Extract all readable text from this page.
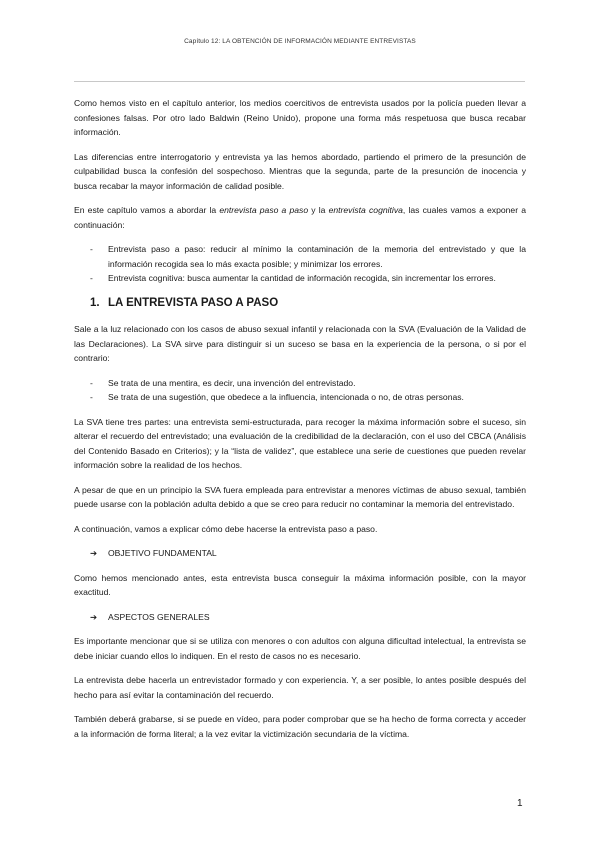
Capítulo 12: LA OBTENCIÓN DE INFORMACIÓN MEDIANTE ENTREVISTAS

Como hemos visto en el capítulo anterior, los medios coercitivos de entrevista usados por la policía pueden llevar a confesiones falsas. Por otro lado Baldwin (Reino Unido), propone una forma más respetuosa que busca recabar información.

Las diferencias entre interrogatorio y entrevista ya las hemos abordado, partiendo el primero de la presunción de culpabilidad busca la confesión del sospechoso. Mientras que la segunda, parte de la presunción de inocencia y busca recabar la mayor información de calidad posible.

En este capítulo vamos a abordar la entrevista paso a paso y la entrevista cognitiva, las cuales vamos a exponer a continuación:

- Entrevista paso a paso: reducir al mínimo la contaminación de la memoria del entrevistado y que la información recogida sea lo más exacta posible; y minimizar los errores.
- Entrevista cognitiva: busca aumentar la cantidad de información recogida, sin incrementar los errores.
1. LA ENTREVISTA PASO A PASO

Sale a la luz relacionado con los casos de abuso sexual infantil y relacionada con la SVA (Evaluación de la Validad de las Declaraciones). La SVA sirve para distinguir si un suceso se basa en la experiencia de la persona, o si por el contrario:

- Se trata de una mentira, es decir, una invención del entrevistado.
- Se trata de una sugestión, que obedece a la influencia, intencionada o no, de otras personas.

La SVA tiene tres partes: una entrevista semi-estructurada, para recoger la máxima información sobre el suceso, sin alterar el recuerdo del entrevistado; una evaluación de la credibilidad de la declaración, con el uso del CBCA (Análisis del Contenido Basado en Criterios); y la “lista de validez”, que establece una serie de cuestiones que pueden revelar información sobre la realidad de los hechos.

A pesar de que en un principio la SVA fuera empleada para entrevistar a menores víctimas de abuso sexual, también puede usarse con la población adulta debido a que se creo para reducir no contaminar la memoria del entrevistado.

A continuación, vamos a explicar cómo debe hacerse la entrevista paso a paso.

➔	OBJETIVO FUNDAMENTAL

Como hemos mencionado antes, esta entrevista busca conseguir la máxima información posible, con la mayor exactitud.

➔	ASPECTOS GENERALES

Es importante mencionar que si se utiliza con menores o con adultos con alguna dificultad intelectual, la entrevista se debe iniciar cuando ellos lo indiquen. En el resto de casos no es necesario.

La entrevista debe hacerla un entrevistador formado y con experiencia. Y, a ser posible, lo antes posible después del hecho para así evitar la contaminación del recuerdo.

También deberá grabarse, si se puede en vídeo, para poder comprobar que se ha hecho de forma correcta y acceder a la información de forma literal; a la vez evitar la victimización secundaria de la víctima.

1
